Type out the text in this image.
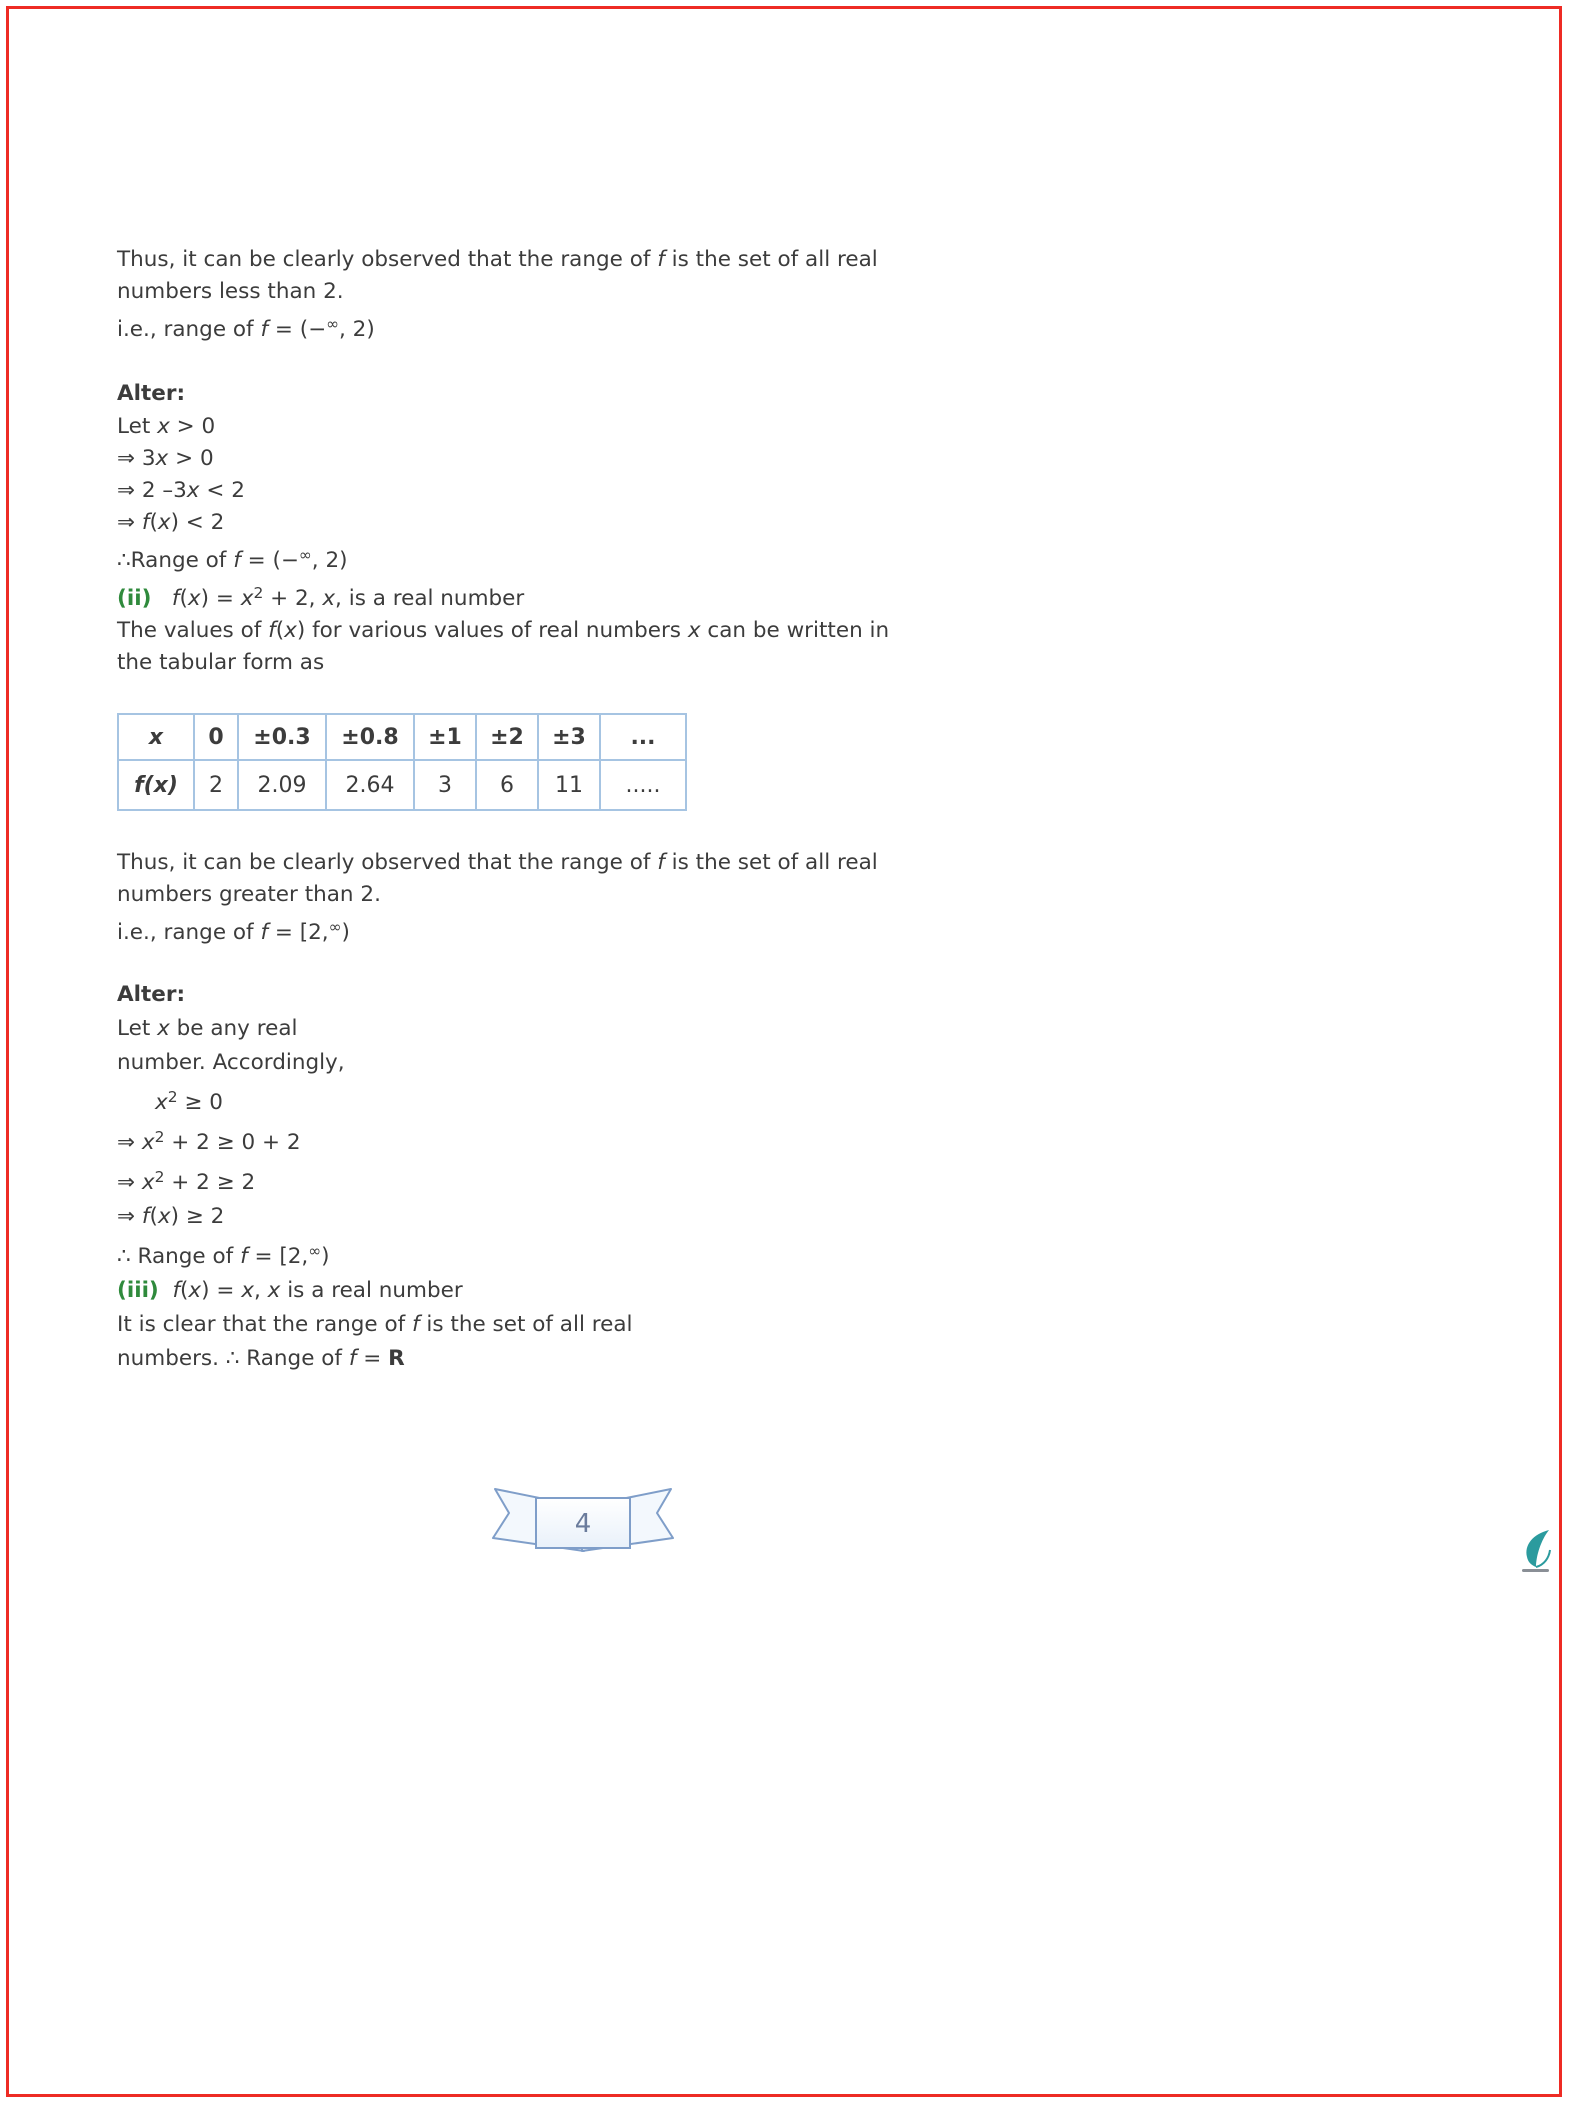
Thus, it can be clearly observed that the range of f is the set of all real
numbers less than 2.
i.e., range of f = (−∞, 2)
Alter:
Let x > 0
⇒ 3x > 0
⇒ 2 –3x < 2
⇒ f(x) < 2
∴Range of f = (−∞, 2)
(ii) $f(x) = x^2 + 2$, x, is a real number
The values of f(x) for various values of real numbers x can be written in
the tabular form as
x	0	±0.3	±0.8	±1	±2	±3	...
f(x)	2	2.09	2.64	3	6	11	.....
Thus, it can be clearly observed that the range of f is the set of all real
numbers greater than 2.
i.e., range of f = [2,∞)
Alter:
Let x be any real
number. Accordingly,
$x^2 \ge 0$
⇒ $x^2 + 2 \ge 0 + 2$
⇒ $x^2 + 2 \ge 2$
⇒ f(x) ≥ 2
∴ Range of f = [2,∞)
(iii) f(x) = x, x is a real number
It is clear that the range of f is the set of all real
numbers. ∴ Range of f = R
4
